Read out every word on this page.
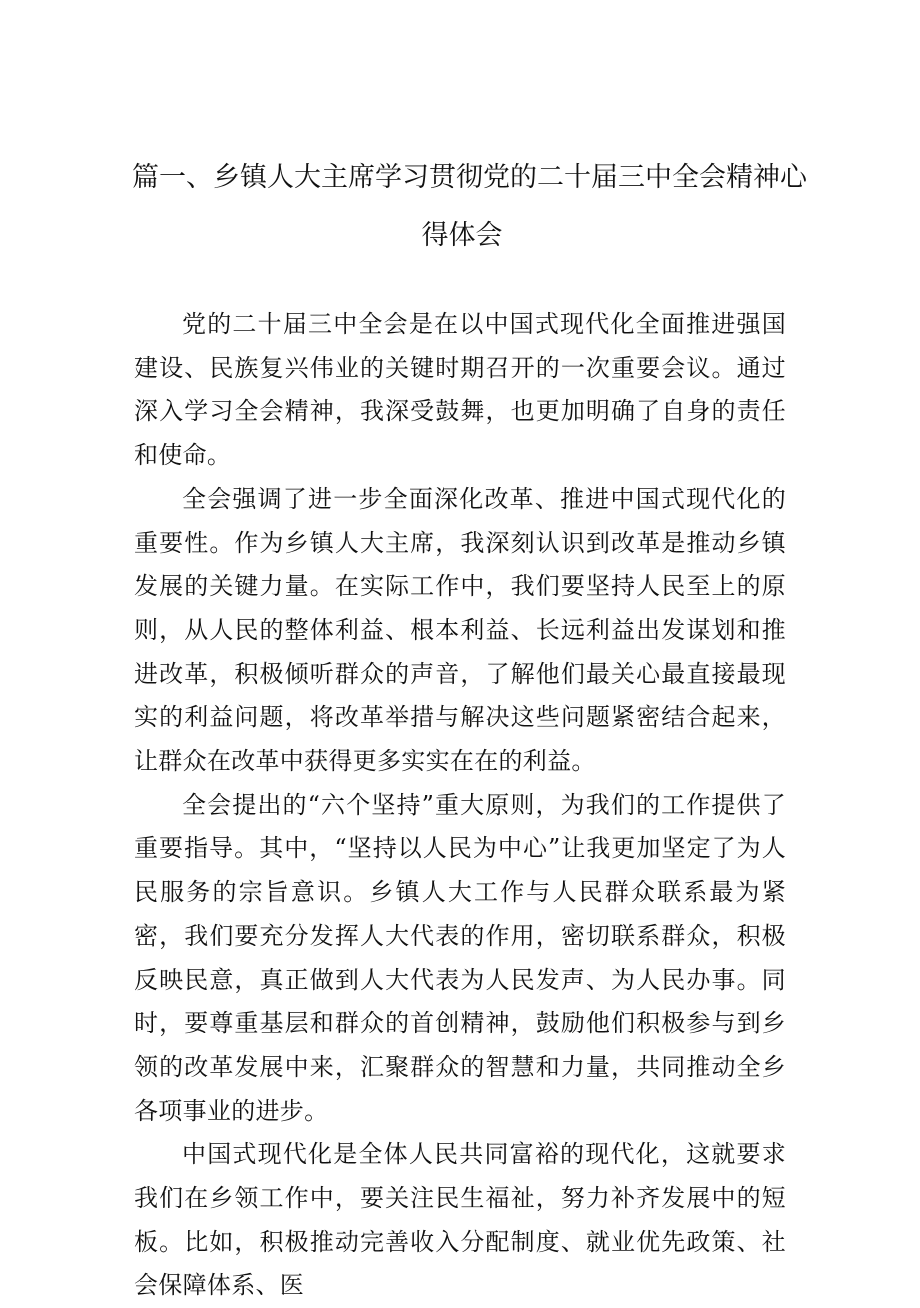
篇一、乡镇人大主席学习贯彻党的二十届三中全会精神心
得体会

党的二十届三中全会是在以中国式现代化全面推进强国建设、民族复兴伟业的关键时期召开的一次重要会议。通过深入学习全会精神，我深受鼓舞，也更加明确了自身的责任和使命。

全会强调了进一步全面深化改革、推进中国式现代化的重要性。作为乡镇人大主席，我深刻认识到改革是推动乡镇发展的关键力量。在实际工作中，我们要坚持人民至上的原则，从人民的整体利益、根本利益、长远利益出发谋划和推进改革，积极倾听群众的声音，了解他们最关心最直接最现实的利益问题，将改革举措与解决这些问题紧密结合起来，让群众在改革中获得更多实实在在的利益。

全会提出的“六个坚持”重大原则，为我们的工作提供了重要指导。其中，“坚持以人民为中心”让我更加坚定了为人民服务的宗旨意识。乡镇人大工作与人民群众联系最为紧密，我们要充分发挥人大代表的作用，密切联系群众，积极反映民意，真正做到人大代表为人民发声、为人民办事。同时，要尊重基层和群众的首创精神，鼓励他们积极参与到乡领的改革发展中来，汇聚群众的智慧和力量，共同推动全乡各项事业的进步。

中国式现代化是全体人民共同富裕的现代化，这就要求我们在乡领工作中，要关注民生福祉，努力补齐发展中的短板。比如，积极推动完善收入分配制度、就业优先政策、社会保障体系、医
